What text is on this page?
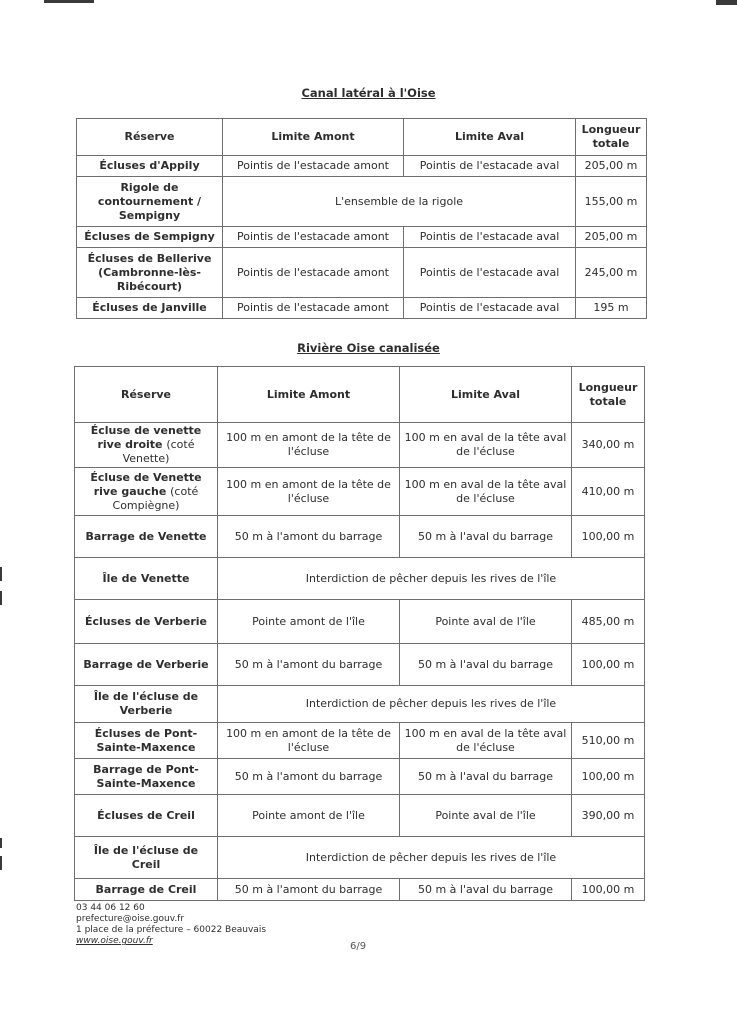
Canal latéral à l'Oise
Réserve	Limite Amont	Limite Aval	Longueur totale
Écluses d'Appily	Pointis de l'estacade amont	Pointis de l'estacade aval	205,00 m
Rigole de contournement / Sempigny	L'ensemble de la rigole		155,00 m
Écluses de Sempigny	Pointis de l'estacade amont	Pointis de l'estacade aval	205,00 m
Écluses de Bellerive (Cambronne-lès-Ribécourt)	Pointis de l'estacade amont	Pointis de l'estacade aval	245,00 m
Écluses de Janville	Pointis de l'estacade amont	Pointis de l'estacade aval	195 m
Rivière Oise canalisée
Réserve	Limite Amont	Limite Aval	Longueur totale
Écluse de venette rive droite (coté Venette)	100 m en amont de la tête de l'écluse	100 m en aval de la tête aval de l'écluse	340,00 m
Écluse de Venette rive gauche (coté Compiègne)	100 m en amont de la tête de l'écluse	100 m en aval de la tête aval de l'écluse	410,00 m
Barrage de Venette	50 m à l'amont du barrage	50 m à l'aval du barrage	100,00 m
Île de Venette	Interdiction de pêcher depuis les rives de l'île		
Écluses de Verberie	Pointe amont de l'île	Pointe aval de l'île	485,00 m
Barrage de Verberie	50 m à l'amont du barrage	50 m à l'aval du barrage	100,00 m
Île de l'écluse de Verberie	Interdiction de pêcher depuis les rives de l'île		
Écluses de Pont-Sainte-Maxence	100 m en amont de la tête de l'écluse	100 m en aval de la tête aval de l'écluse	510,00 m
Barrage de Pont-Sainte-Maxence	50 m à l'amont du barrage	50 m à l'aval du barrage	100,00 m
Écluses de Creil	Pointe amont de l'île	Pointe aval de l'île	390,00 m
Île de l'écluse de Creil	Interdiction de pêcher depuis les rives de l'île		
Barrage de Creil	50 m à l'amont du barrage	50 m à l'aval du barrage	100,00 m
03 44 06 12 60
prefecture@oise.gouv.fr
1 place de la préfecture – 60022 Beauvais
www.oise.gouv.fr	6/9
